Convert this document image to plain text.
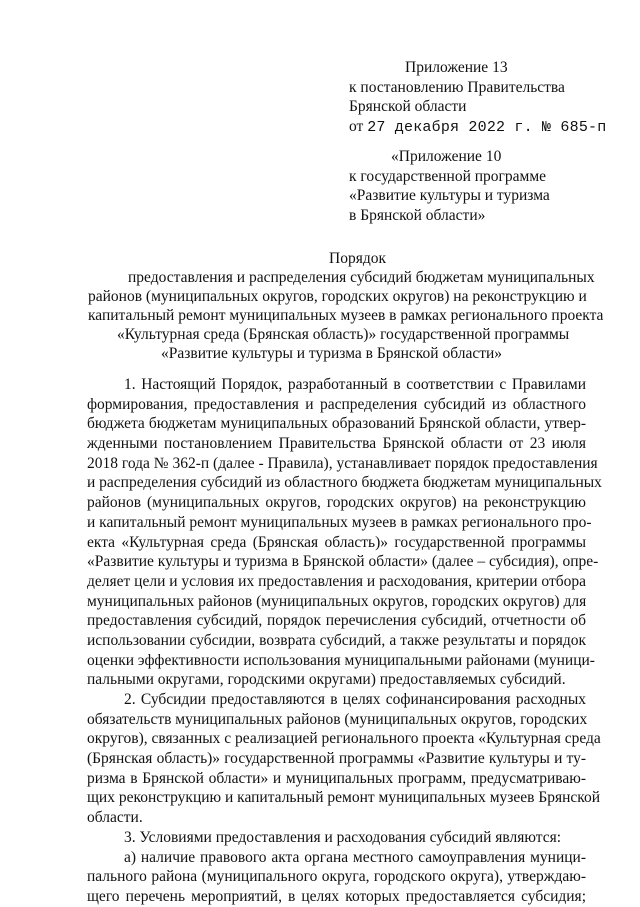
Приложение 13
к постановлению Правительства
Брянской области
от 27 декабря 2022 г. № 685-п
«Приложение 10
к государственной программе
«Развитие культуры и туризма
в Брянской области»
Порядок
предоставления и распределения субсидий бюджетам муниципальных
районов (муниципальных округов, городских округов) на реконструкцию и
капитальный ремонт муниципальных музеев в рамках регионального проекта
«Культурная среда (Брянская область)» государственной программы
«Развитие культуры и туризма в Брянской области»
1. Настоящий Порядок, разработанный в соответствии с Правилами
формирования, предоставления и распределения субсидий из областного
бюджета бюджетам муниципальных образований Брянской области, утвер-
жденными постановлением Правительства Брянской области от 23 июля
2018 года № 362-п (далее - Правила), устанавливает порядок предоставления
и распределения субсидий из областного бюджета бюджетам муниципальных
районов (муниципальных округов, городских округов) на реконструкцию
и капитальный ремонт муниципальных музеев в рамках регионального про-
екта «Культурная среда (Брянская область)» государственной программы
«Развитие культуры и туризма в Брянской области» (далее – субсидия), опре-
деляет цели и условия их предоставления и расходования, критерии отбора
муниципальных районов (муниципальных округов, городских округов) для
предоставления субсидий, порядок перечисления субсидий, отчетности об
использовании субсидии, возврата субсидий, а также результаты и порядок
оценки эффективности использования муниципальными районами (муници-
пальными округами, городскими округами) предоставляемых субсидий.
2. Субсидии предоставляются в целях софинансирования расходных
обязательств муниципальных районов (муниципальных округов, городских
округов), связанных с реализацией регионального проекта «Культурная среда
(Брянская область)» государственной программы «Развитие культуры и ту-
ризма в Брянской области» и муниципальных программ, предусматриваю-
щих реконструкцию и капитальный ремонт муниципальных музеев Брянской
области.
3. Условиями предоставления и расходования субсидий являются:
а) наличие правового акта органа местного самоуправления муници-
пального района (муниципального округа, городского округа), утверждаю-
щего перечень мероприятий, в целях которых предоставляется субсидия;
